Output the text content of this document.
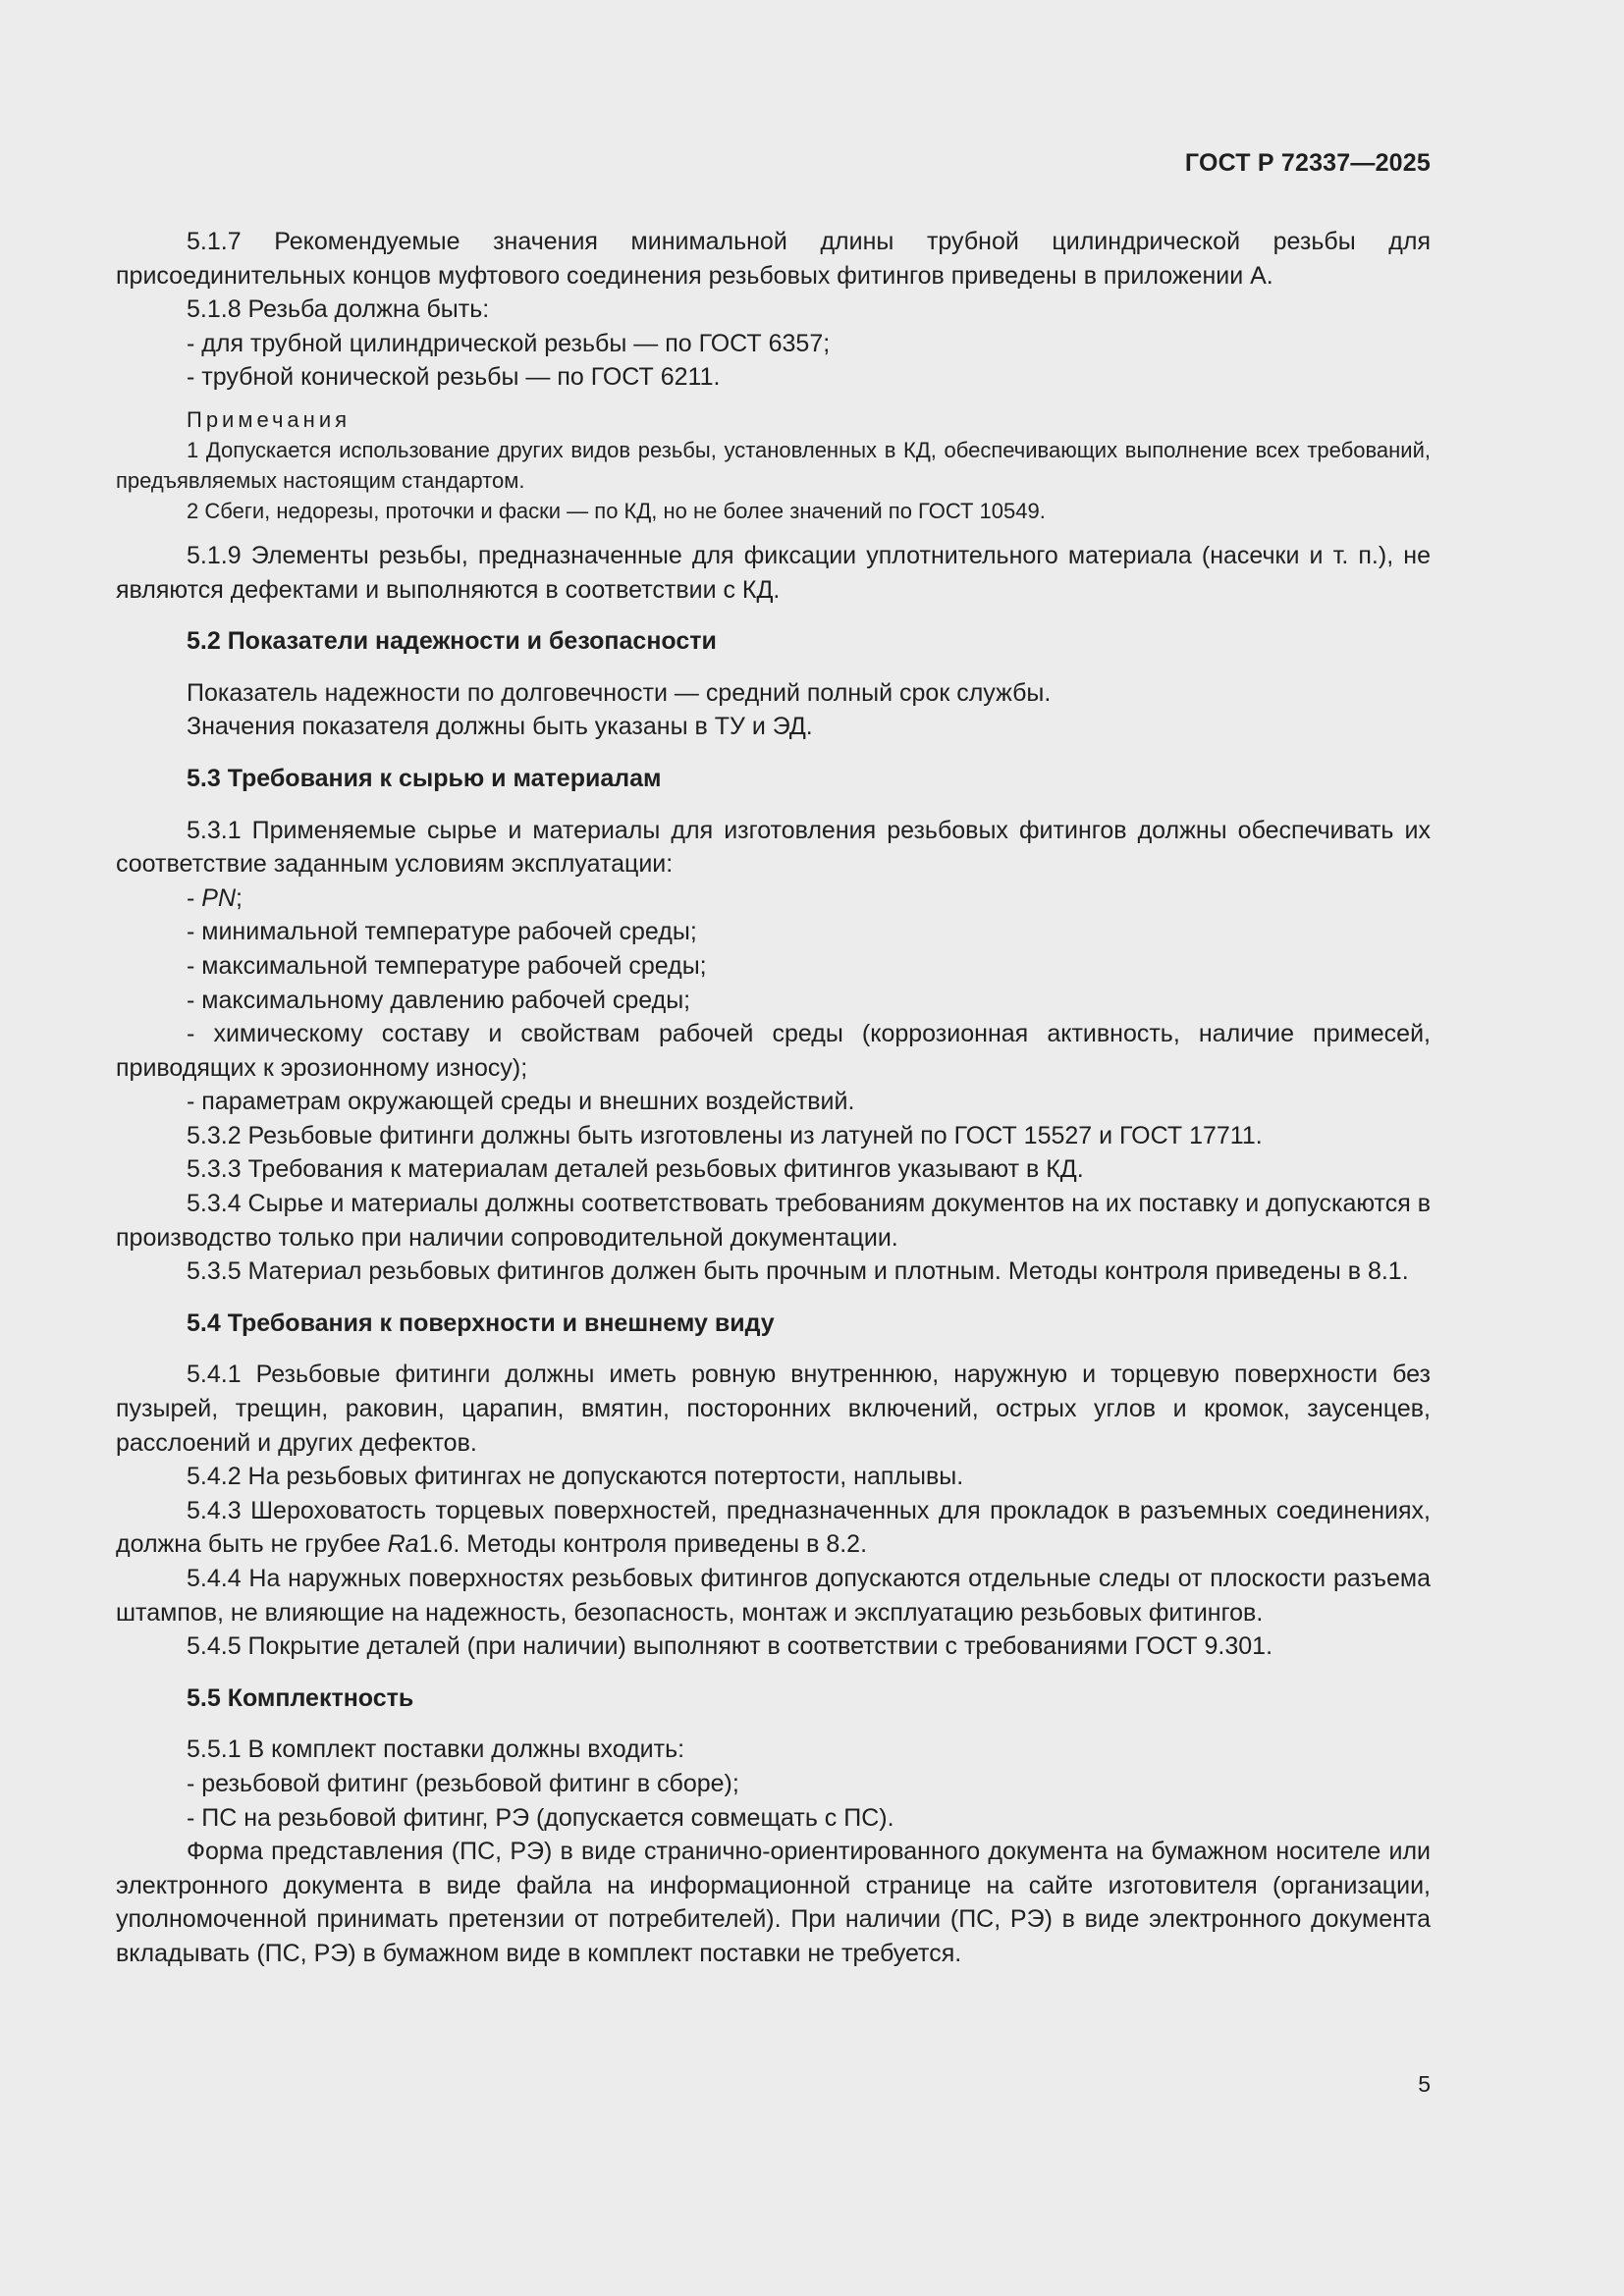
ГОСТ Р 72337—2025

5.1.7 Рекомендуемые значения минимальной длины трубной цилиндрической резьбы для присоединительных концов муфтового соединения резьбовых фитингов приведены в приложении А.

5.1.8 Резьба должна быть:

- для трубной цилиндрической резьбы — по ГОСТ 6357;

- трубной конической резьбы — по ГОСТ 6211.

Примечания

1 Допускается использование других видов резьбы, установленных в КД, обеспечивающих выполнение всех требований, предъявляемых настоящим стандартом.

2 Сбеги, недорезы, проточки и фаски — по КД, но не более значений по ГОСТ 10549.

5.1.9 Элементы резьбы, предназначенные для фиксации уплотнительного материала (насечки и т. п.), не являются дефектами и выполняются в соответствии с КД.

5.2 Показатели надежности и безопасности

Показатель надежности по долговечности — средний полный срок службы.

Значения показателя должны быть указаны в ТУ и ЭД.

5.3 Требования к сырью и материалам

5.3.1 Применяемые сырье и материалы для изготовления резьбовых фитингов должны обеспечивать их соответствие заданным условиям эксплуатации:

- PN;

- минимальной температуре рабочей среды;

- максимальной температуре рабочей среды;

- максимальному давлению рабочей среды;

- химическому составу и свойствам рабочей среды (коррозионная активность, наличие примесей, приводящих к эрозионному износу);

- параметрам окружающей среды и внешних воздействий.

5.3.2 Резьбовые фитинги должны быть изготовлены из латуней по ГОСТ 15527 и ГОСТ 17711.

5.3.3 Требования к материалам деталей резьбовых фитингов указывают в КД.

5.3.4 Сырье и материалы должны соответствовать требованиям документов на их поставку и допускаются в производство только при наличии сопроводительной документации.

5.3.5 Материал резьбовых фитингов должен быть прочным и плотным. Методы контроля приведены в 8.1.

5.4 Требования к поверхности и внешнему виду

5.4.1 Резьбовые фитинги должны иметь ровную внутреннюю, наружную и торцевую поверхности без пузырей, трещин, раковин, царапин, вмятин, посторонних включений, острых углов и кромок, заусенцев, расслоений и других дефектов.

5.4.2 На резьбовых фитингах не допускаются потертости, наплывы.

5.4.3 Шероховатость торцевых поверхностей, предназначенных для прокладок в разъемных соединениях, должна быть не грубее Ra1.6. Методы контроля приведены в 8.2.

5.4.4 На наружных поверхностях резьбовых фитингов допускаются отдельные следы от плоскости разъема штампов, не влияющие на надежность, безопасность, монтаж и эксплуатацию резьбовых фитингов.

5.4.5 Покрытие деталей (при наличии) выполняют в соответствии с требованиями ГОСТ 9.301.

5.5 Комплектность

5.5.1 В комплект поставки должны входить:

- резьбовой фитинг (резьбовой фитинг в сборе);

- ПС на резьбовой фитинг, РЭ (допускается совмещать с ПС).

Форма представления (ПС, РЭ) в виде странично-ориентированного документа на бумажном носителе или электронного документа в виде файла на информационной странице на сайте изготовителя (организации, уполномоченной принимать претензии от потребителей). При наличии (ПС, РЭ) в виде электронного документа вкладывать (ПС, РЭ) в бумажном виде в комплект поставки не требуется.

5
